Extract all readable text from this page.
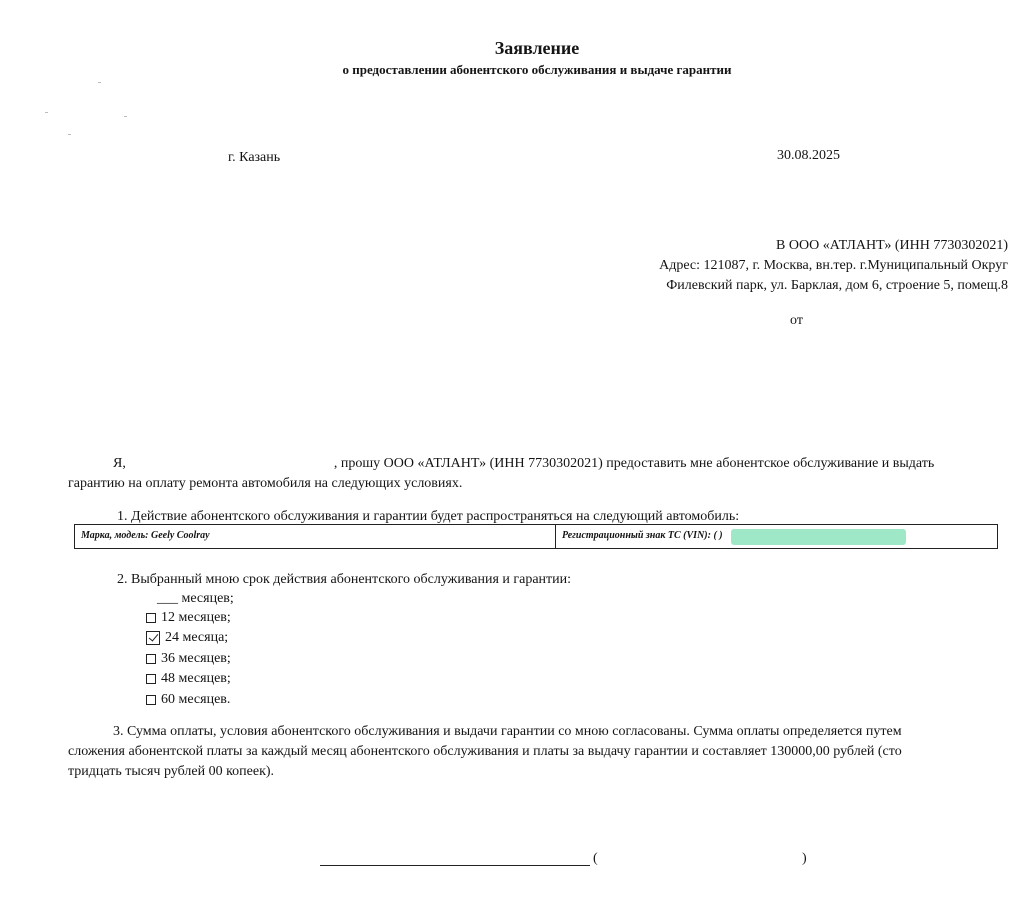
Заявление
о предоставлении абонентского обслуживания и выдаче гарантии
г. Казань	30.08.2025
В ООО «АТЛАНТ» (ИНН 7730302021)
Адрес: 121087, г. Москва, вн.тер. г.Муниципальный Округ
Филевский парк, ул. Барклая, дом 6, строение 5, помещ.8
от
Я,	, прошу ООО «АТЛАНТ» (ИНН 7730302021) предоставить мне абонентское обслуживание и выдать
гарантию на оплату ремонта автомобиля на следующих условиях.
1. Действие абонентского обслуживания и гарантии будет распространяться на следующий автомобиль:
Марка, модель: Geely Coolray	Регистрационный знак ТС (VIN): ( )
2. Выбранный мною срок действия абонентского обслуживания и гарантии:
___ месяцев;
12 месяцев;
24 месяца;
36 месяцев;
48 месяцев;
60 месяцев.
3. Сумма оплаты, условия абонентского обслуживания и выдачи гарантии со мною согласованы. Сумма оплаты определяется путем
сложения абонентской платы за каждый месяц абонентского обслуживания и платы за выдачу гарантии и составляет 130000,00 рублей (сто
тридцать тысяч рублей 00 копеек).
(	)
